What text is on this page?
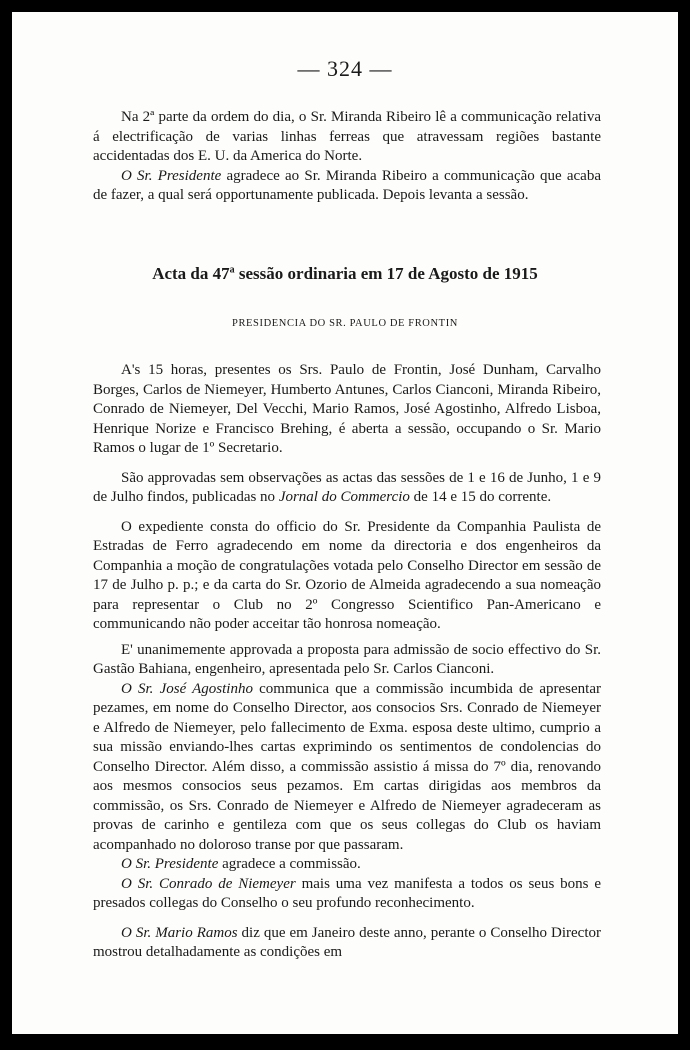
— 324 —

Na 2ª parte da ordem do dia, o Sr. Miranda Ribeiro lê a communicação relativa á electrificação de varias linhas ferreas que atravessam regiões bastante accidentadas dos E. U. da America do Norte.

O Sr. Presidente agradece ao Sr. Miranda Ribeiro a communicação que acaba de fazer, a qual será opportunamente publicada. Depois levanta a sessão.

Acta da 47$^a$ sessão ordinaria em 17 de Agosto de 1915
PRESIDENCIA DO SR. PAULO DE FRONTIN

A's 15 horas, presentes os Srs. Paulo de Frontin, José Dunham, Carvalho Borges, Carlos de Niemeyer, Humberto Antunes, Carlos Cianconi, Miranda Ribeiro, Conrado de Niemeyer, Del Vecchi, Mario Ramos, José Agostinho, Alfredo Lisboa, Henrique Norize e Francisco Brehing, é aberta a sessão, occupando o Sr. Mario Ramos o lugar de 1º Secretario.

São approvadas sem observações as actas das sessões de 1 e 16 de Junho, 1 e 9 de Julho findos, publicadas no Jornal do Commercio de 14 e 15 do corrente.

O expediente consta do officio do Sr. Presidente da Companhia Paulista de Estradas de Ferro agradecendo em nome da directoria e dos engenheiros da Companhia a moção de congratulações votada pelo Conselho Director em sessão de 17 de Julho p. p.; e da carta do Sr. Ozorio de Almeida agradecendo a sua nomeação para representar o Club no 2º Congresso Scientifico Pan-Americano e communicando não poder acceitar tão honrosa nomeação.

E' unanimemente approvada a proposta para admissão de socio effectivo do Sr. Gastão Bahiana, engenheiro, apresentada pelo Sr. Carlos Cianconi.

O Sr. José Agostinho communica que a commissão incumbida de apresentar pezames, em nome do Conselho Director, aos consocios Srs. Conrado de Niemeyer e Alfredo de Niemeyer, pelo fallecimento de Exma. esposa deste ultimo, cumprio a sua missão enviando-lhes cartas exprimindo os sentimentos de condolencias do Conselho Director. Além disso, a commissão assistio á missa do 7º dia, renovando aos mesmos consocios seus pezamos. Em cartas dirigidas aos membros da commissão, os Srs. Conrado de Niemeyer e Alfredo de Niemeyer agradeceram as provas de carinho e gentileza com que os seus collegas do Club os haviam acompanhado no doloroso transe por que passaram.

O Sr. Presidente agradece a commissão.

O Sr. Conrado de Niemeyer mais uma vez manifesta a todos os seus bons e presados collegas do Conselho o seu profundo reconhecimento.

O Sr. Mario Ramos diz que em Janeiro deste anno, perante o Conselho Director mostrou detalhadamente as condições em
